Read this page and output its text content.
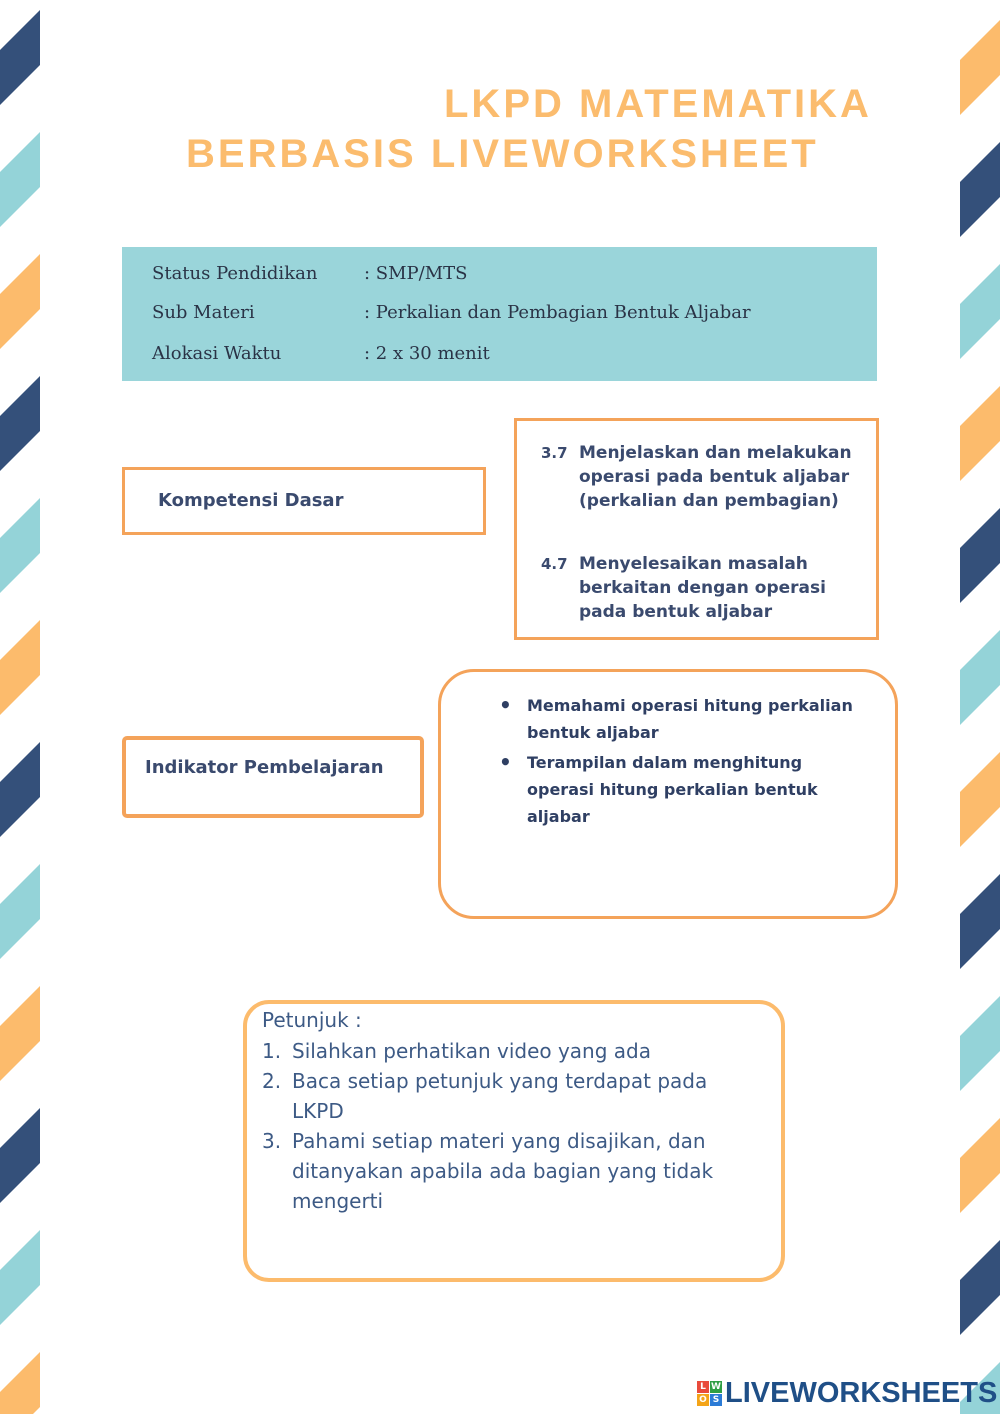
LKPD MATEMATIKA
BERBASIS LIVEWORKSHEET
Status Pendidikan	: SMP/MTS
Sub Materi	: Perkalian dan Pembagian Bentuk Aljabar
Alokasi Waktu	: 2 x 30 menit
Kompetensi Dasar
3.7 Menjelaskan dan melakukan operasi pada bentuk aljabar (perkalian dan pembagian)
4.7 Menyelesaikan masalah berkaitan dengan operasi pada bentuk aljabar
Indikator Pembelajaran
• Memahami operasi hitung perkalian bentuk aljabar
• Terampilan dalam menghitung operasi hitung perkalian bentuk aljabar
Petunjuk :
1. Silahkan perhatikan video yang ada
2. Baca setiap petunjuk yang terdapat pada LKPD
3. Pahami setiap materi yang disajikan, dan ditanyakan apabila ada bagian yang tidak mengerti
L W
O S LIVEWORKSHEETS
